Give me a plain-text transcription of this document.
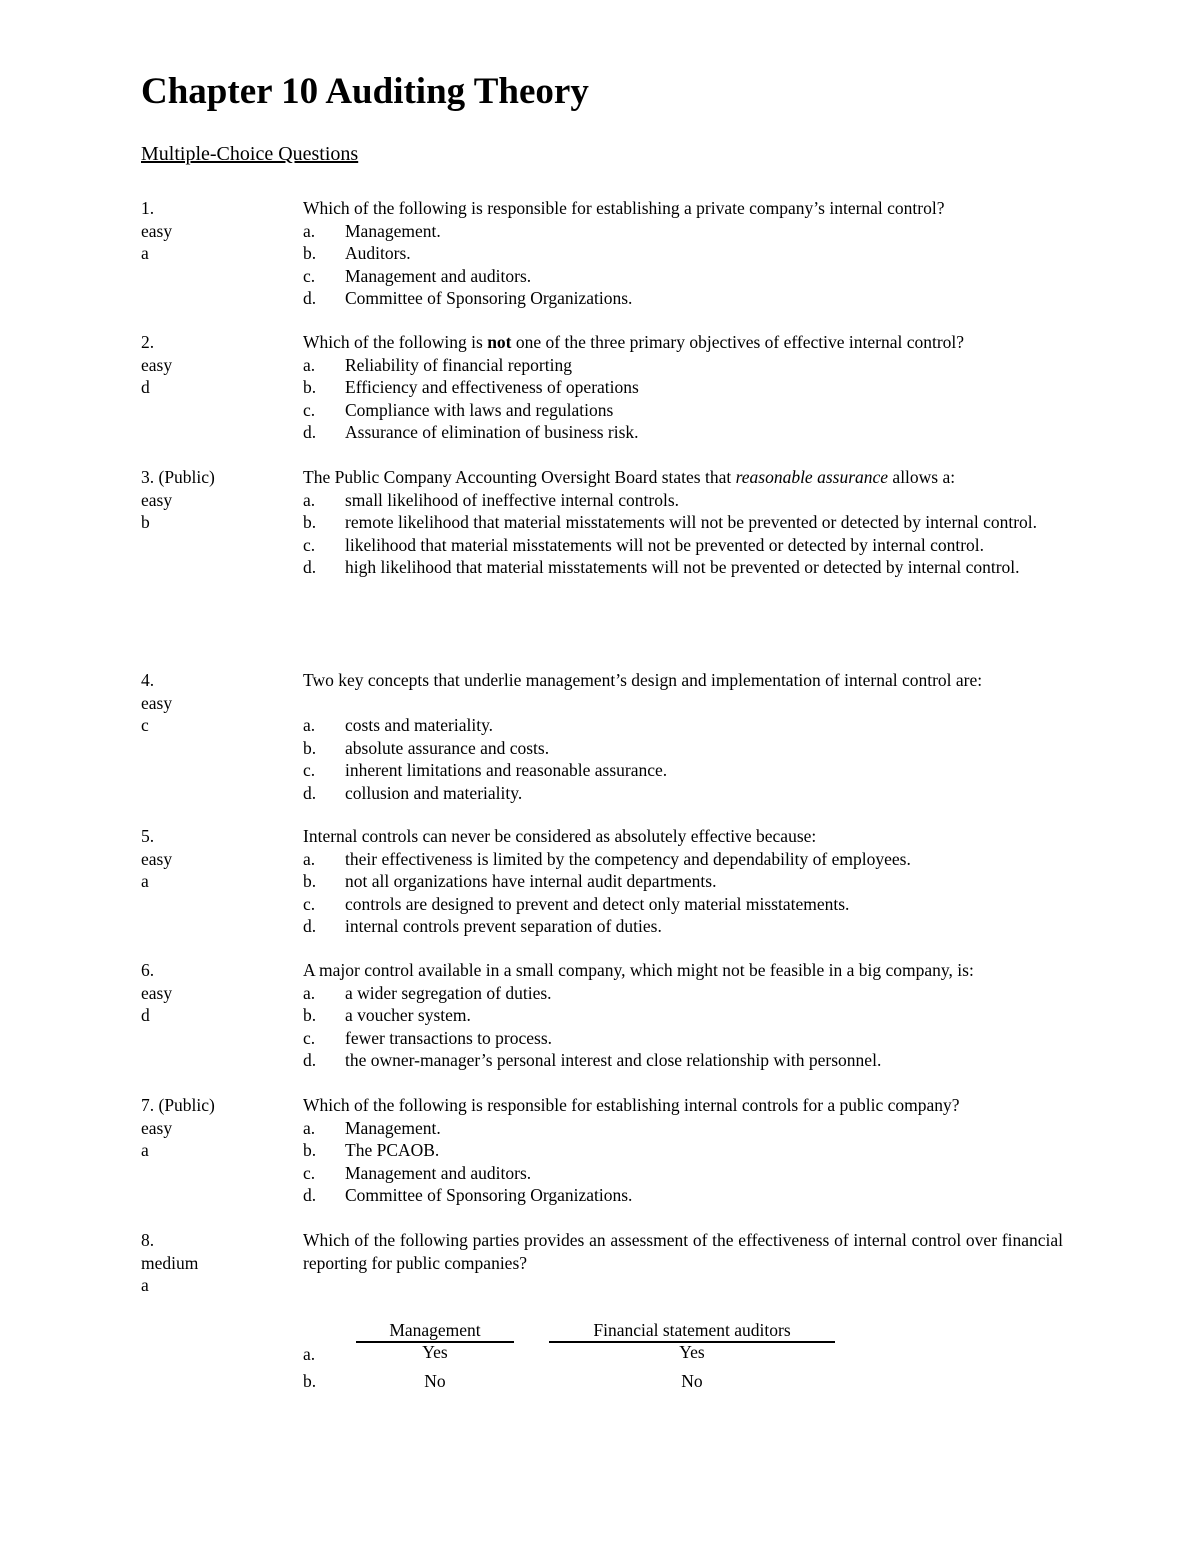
Chapter 10 Auditing Theory
Multiple-Choice Questions
1.
easy
a
Which of the following is responsible for establishing a private company’s internal control?
a. Management.
b. Auditors.
c. Management and auditors.
d. Committee of Sponsoring Organizations.
2.
easy
d
Which of the following is not one of the three primary objectives of effective internal control?
a. Reliability of financial reporting
b. Efficiency and effectiveness of operations
c. Compliance with laws and regulations
d. Assurance of elimination of business risk.
3. (Public)
easy
b
The Public Company Accounting Oversight Board states that reasonable assurance allows a:
a. small likelihood of ineffective internal controls.
b. remote likelihood that material misstatements will not be prevented or detected by internal control.
c. likelihood that material misstatements will not be prevented or detected by internal control.
d. high likelihood that material misstatements will not be prevented or detected by internal control.
4.
easy
c
Two key concepts that underlie management’s design and implementation of internal control are:
a. costs and materiality.
b. absolute assurance and costs.
c. inherent limitations and reasonable assurance.
d. collusion and materiality.
5.
easy
a
Internal controls can never be considered as absolutely effective because:
a. their effectiveness is limited by the competency and dependability of employees.
b. not all organizations have internal audit departments.
c. controls are designed to prevent and detect only material misstatements.
d. internal controls prevent separation of duties.
6.
easy
d
A major control available in a small company, which might not be feasible in a big company, is:
a. a wider segregation of duties.
b. a voucher system.
c. fewer transactions to process.
d. the owner-manager’s personal interest and close relationship with personnel.
7. (Public)
easy
a
Which of the following is responsible for establishing internal controls for a public company?
a. Management.
b. The PCAOB.
c. Management and auditors.
d. Committee of Sponsoring Organizations.
8.
medium
a
Which of the following parties provides an assessment of the effectiveness of internal control over financial reporting for public companies?
Management	Financial statement auditors
a.	Yes	Yes
b.	No	No
